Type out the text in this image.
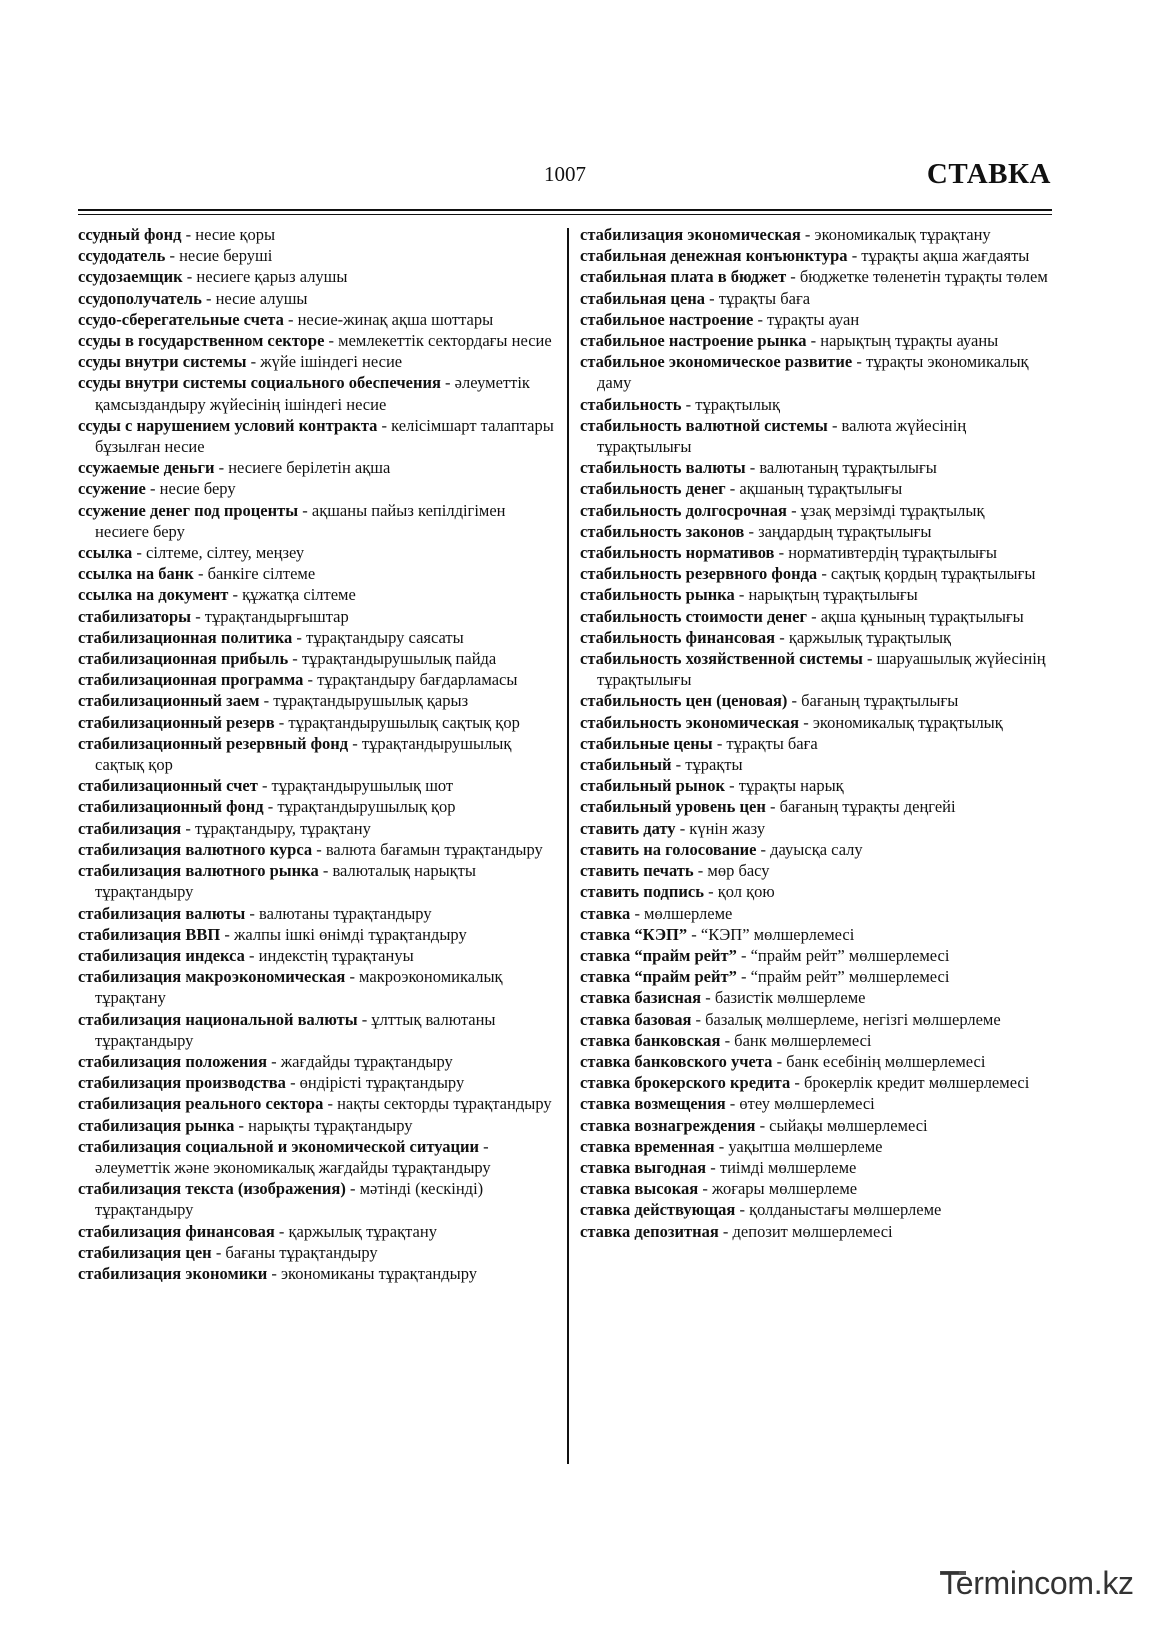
1007	СТАВКА
ссудный фонд - несие қоры
ссудодатель - несие беруші
ссудозаемщик - несиеге қарыз алушы
ссудополучатель - несие алушы
ссудо-сберегательные счета - несие-жинақ ақша шоттары
ссуды в государственном секторе - мемлекеттік сектордағы несие
ссуды внутри системы - жүйе ішіндегі несие
ссуды внутри системы социального обеспечения - әлеуметтік қамсыздандыру жүйесінің ішіндегі несие
ссуды с нарушением условий контракта - келісімшарт талаптары бұзылған несие
ссужаемые деньги - несиеге берілетін ақша
ссужение - несие беру
ссужение денег под проценты - ақшаны пайыз кепілдігімен несиеге беру
ссылка - сілтеме, сілтеу, меңзеу
ссылка на банк - банкіге сілтеме
ссылка на документ - құжатқа сілтеме
стабилизаторы - тұрақтандырғыштар
стабилизационная политика - тұрақтандыру саясаты
стабилизационная прибыль - тұрақтандырушылық пайда
стабилизационная программа - тұрақтандыру бағдарламасы
стабилизационный заем - тұрақтандырушылық қарыз
стабилизационный резерв - тұрақтандырушылық сақтық қор
стабилизационный резервный фонд - тұрақтандырушылық сақтық қор
стабилизационный счет - тұрақтандырушылық шот
стабилизационный фонд - тұрақтандырушылық қор
стабилизация - тұрақтандыру, тұрақтану
стабилизация валютного курса - валюта бағамын тұрақтандыру
стабилизация валютного рынка - валюталық нарықты тұрақтандыру
стабилизация валюты - валютаны тұрақтандыру
стабилизация ВВП - жалпы ішкі өнімді тұрақтандыру
стабилизация индекса - индекстің тұрақтануы
стабилизация макроэкономическая - макроэкономикалық тұрақтану
стабилизация национальной валюты - ұлттық валютаны тұрақтандыру
стабилизация положения - жағдайды тұрақтандыру
стабилизация производства - өндірісті тұрақтандыру
стабилизация реального сектора - нақты секторды тұрақтандыру
стабилизация рынка - нарықты тұрақтандыру
стабилизация социальной и экономической ситуации - әлеуметтік және экономикалық жағдайды тұрақтандыру
стабилизация текста (изображения) - мәтінді (кескінді) тұрақтандыру
стабилизация финансовая - қаржылық тұрақтану
стабилизация цен - бағаны тұрақтандыру
стабилизация экономики - экономиканы тұрақтандыру
стабилизация экономическая - экономикалық тұрақтану
стабильная денежная конъюнктура - тұрақты ақша жағдаяты
стабильная плата в бюджет - бюджетке төленетін тұрақты төлем
стабильная цена - тұрақты баға
стабильное настроение - тұрақты ауан
стабильное настроение рынка - нарықтың тұрақты ауаны
стабильное экономическое развитие - тұрақты экономикалық даму
стабильность - тұрақтылық
стабильность валютной системы - валюта жүйесінің тұрақтылығы
стабильность валюты - валютаның тұрақтылығы
стабильность денег - ақшаның тұрақтылығы
стабильность долгосрочная - ұзақ мерзімді тұрақтылық
стабильность законов - заңдардың тұрақтылығы
стабильность нормативов - нормативтердің тұрақтылығы
стабильность резервного фонда - сақтық қордың тұрақтылығы
стабильность рынка - нарықтың тұрақтылығы
стабильность стоимости денег - ақша құнының тұрақтылығы
стабильность финансовая - қаржылық тұрақтылық
стабильность хозяйственной системы - шаруашылық жүйесінің тұрақтылығы
стабильность цен (ценовая) - бағаның тұрақтылығы
стабильность экономическая - экономикалық тұрақтылық
стабильные цены - тұрақты баға
стабильный - тұрақты
стабильный рынок - тұрақты нарық
стабильный уровень цен - бағаның тұрақты деңгейі
ставить дату - күнін жазу
ставить на голосование - дауысқа салу
ставить печать - мөр басу
ставить подпись - қол қою
ставка - мөлшерлеме
ставка “КЭП” - “КЭП” мөлшерлемесі
ставка “прайм рейт” - “прайм рейт” мөлшерлемесі
ставка “прайм рейт” - “прайм рейт” мөлшерлемесі
ставка базисная - базистік мөлшерлеме
ставка базовая - базалық мөлшерлеме, негізгі мөлшерлеме
ставка банковская - банк мөлшерлемесі
ставка банковского учета - банк есебінің мөлшерлемесі
ставка брокерского кредита - брокерлік кредит мөлшерлемесі
ставка возмещения - өтеу мөлшерлемесі
ставка вознагреждения - сыйақы мөлшерлемесі
ставка временная - уақытша мөлшерлеме
ставка выгодная - тиімді мөлшерлеме
ставка высокая - жоғары мөлшерлеме
ставка действующая - қолданыстағы мөлшерлеме
ставка депозитная - депозит мөлшерлемесі
Termincom.kz
